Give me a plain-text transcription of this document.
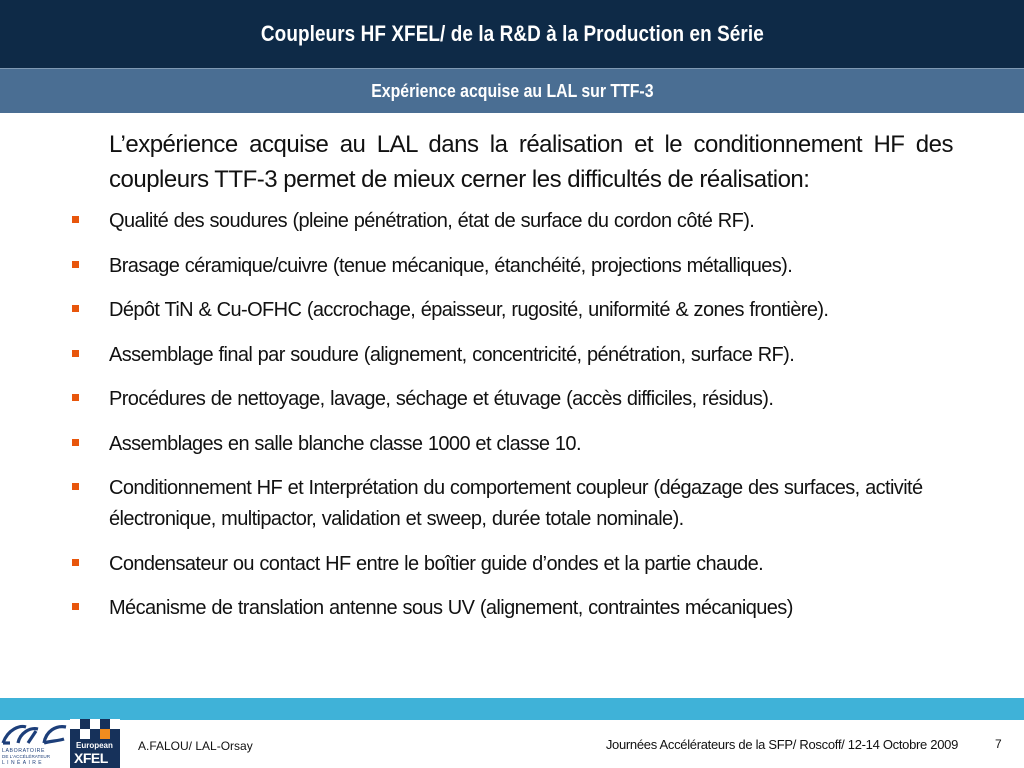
Coupleurs HF XFEL/ de la R&D à la Production en Série
Expérience acquise au LAL sur TTF-3
L’expérience acquise au LAL dans la réalisation et le conditionnement HF des coupleurs TTF-3 permet de mieux cerner les difficultés de réalisation:
Qualité des soudures (pleine pénétration, état de surface du cordon côté RF).
Brasage céramique/cuivre (tenue mécanique, étanchéité, projections métalliques).
Dépôt TiN & Cu-OFHC (accrochage, épaisseur, rugosité, uniformité & zones frontière).
Assemblage final par soudure (alignement, concentricité, pénétration, surface RF).
Procédures de nettoyage, lavage, séchage et étuvage (accès difficiles, résidus).
Assemblages en salle blanche classe 1000 et classe 10.
Conditionnement HF et Interprétation du comportement coupleur (dégazage des surfaces, activité électronique, multipactor, validation et sweep, durée totale nominale).
Condensateur ou contact HF entre le boîtier guide d’ondes et la partie chaude.
Mécanisme de translation antenne sous UV (alignement, contraintes mécaniques)
LABORATOIRE
DE L'ACCÉLÉRATEUR
LINÉAIRE
European
XFEL
A.FALOU/ LAL-Orsay	Journées Accélérateurs de la SFP/ Roscoff/ 12-14 Octobre 2009	7
